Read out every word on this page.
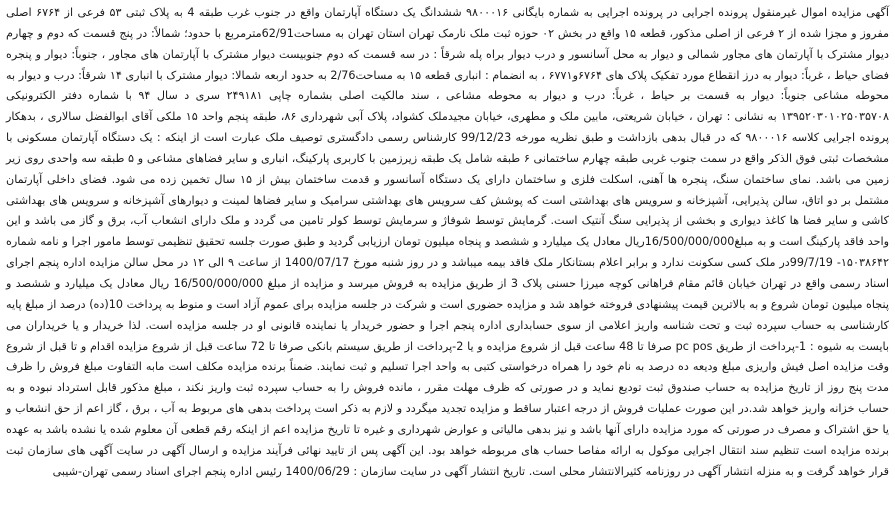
آگهی مزایده اموال غیرمنقول پرونده اجرایی در پرونده اجرایی به شماره بایگانی ۹۸۰۰۰۱۶ ششدانگ یک دستگاه آپارتمان واقع در جنوب غرب طبقه 4 به پلاک ثبتی ۵۳ فرعی از ۶۷۶۴ اصلی مفروز و مجزا شده از ۲ فرعی از اصلی مذکور، قطعه ۱۵ واقع در بخش ۰۲ حوزه ثبت ملک نارمک تهران استان تهران به مساحت62/91مترمربع با حدود؛ شمالاً: در پنج قسمت که دوم و چهارم دیوار مشترک با آپارتمان های مجاور شمالی و دیوار به محل آسانسور و درب دیوار براه پله شرقاً : در سه قسمت که دوم جنوبیست دیوار مشترک با آپارتمان های مجاور ، جنوباً: دیوار و پنجره فضای حیاط ، غرباً: دیوار به درز انقطاع مورد تفکیک پلاک های ۶۷۶۴و۶۷۷۱ ، به انضمام : انباری قطعه ۱۵ به مساحت2/76 به حدود اربعه شمالا: دیوار مشترک با انباری ۱۴ شرقاً: درب و دیوار به محوطه مشاعی جنوباً: دیوار به قسمت بر حیاط ، غرباً: درب و دیوار به محوطه مشاعی ، سند مالکیت اصلی بشماره چاپی ۲۴۹۱۸۱ سری د سال ۹۴ با شماره دفتر الکترونیکی ۱۳۹۵۲۰۳۰۱۰۲۵۰۳۵۷۰۸ به نشانی : تهران ، خیابان شریعتی، مابین ملک و مطهری، خیابان مجیدملک کشواد، پلاک آبی شهرداری ۸۶، طبقه پنجم واحد ۱۵ ملکی آقای ابوالفضل سالاری ، بدهکار پرونده اجرایی کلاسه ۹۸۰۰۰۱۶ که در قبال بدهی بازداشت و طبق نظریه مورخه 99/12/23 کارشناس رسمی دادگستری توصیف ملک عبارت است از اینکه : یک دستگاه آپارتمان مسکونی با مشخصات ثبتی فوق الذکر واقع در سمت جنوب غربی طبقه چهارم ساختمانی ۶ طبقه شامل یک طبقه زیرزمین با کاربری پارکینگ، انباری و سایر فضاهای مشاعی و ۵ طبقه سه واحدی روی زیر زمین می باشد. نمای ساختمان سنگ، پنجره ها آهنی، اسکلت فلزی و ساختمان دارای یک دستگاه آسانسور و قدمت ساختمان بیش از ۱۵ سال تخمین زده می شود. فضای داخلی آپارتمان مشتمل بر دو اتاق، سالن پذیرایی، آشپزخانه و سرویس های بهداشتی است که پوشش کف سرویس های بهداشتی سرامیک و سایر فضاها لمینت و دیوارهای آشپزخانه و سرویس های بهداشتی کاشی و سایر فضا ها کاغذ دیواری و بخشی از پذیرایی سنگ آنتیک است. گرمایش توسط شوفاژ و سرمایش توسط کولر تامین می گردد و ملک دارای انشعاب آب، برق و گاز می باشد و این واحد فاقد پارکینگ است و به مبلغ16/500/000/000ریال معادل یک میلیارد و ششصد و پنجاه میلیون تومان ارزیابی گردید و طبق صورت جلسه تحقیق تنظیمی توسط مامور اجرا و نامه شماره ۱۵۰۳۸۶۴۲- 99/7/19در ملک کسی سکونت ندارد و برابر اعلام بستانکار ملک فاقد بیمه میباشد و در روز شنبه مورخ 1400/07/17 از ساعت ۹ الی ۱۲ در محل سالن مزایده اداره پنجم اجرای اسناد رسمی واقع در تهران خیابان قائم مقام فراهانی کوچه میرزا حسنی پلاک 3 از طریق مزایده به فروش میرسد و مزایده از مبلغ 16/500/000/000 ریال معادل یک میلیارد و ششصد و پنجاه میلیون تومان شروع و به بالاترین قیمت پیشنهادی فروخته خواهد شد و مزایده حضوری است و شرکت در جلسه مزایده برای عموم آزاد است و منوط به پرداخت 10(ده) درصد از مبلغ پایه کارشناسی به حساب سپرده ثبت و تحت شناسه واریز اعلامی از سوی حسابداری اداره پنجم اجرا و حضور خریدار یا نماینده قانونی او در جلسه مزایده است. لذا خریدار و یا خریداران می بایست به شیوه : 1-پرداخت از طریق pc pos صرفا تا 48 ساعت قبل از شروع مزایده و یا 2-پرداخت از طریق سیستم بانکی صرفا تا 72 ساعت قبل از شروع مزایده اقدام و تا قبل از شروع وقت مزایده اصل فیش واریزی مبلغ ودیعه ده درصد به نام خود را همراه درخواستی کتبی به واحد اجرا تسلیم و ثبت نمایند. ضمناً برنده مزایده مکلف است مابه التفاوت مبلغ فروش را ظرف مدت پنج روز از تاریخ مزایده به حساب صندوق ثبت تودیع نماید و در صورتی که ظرف مهلت مقرر ، مانده فروش را به حساب سپرده ثبت واریز نکند ، مبلغ مذکور قابل استرداد نبوده و به حساب خزانه واریز خواهد شد.در این صورت عملیات فروش از درجه اعتبار ساقط و مزایده تجدید میگردد و لازم به ذکر است پرداخت بدهی های مربوط به آب ، برق ، گاز اعم از حق انشعاب و یا حق اشتراک و مصرف در صورتی که مورد مزایده دارای آنها باشد و نیز بدهی مالیاتی و عوارض شهرداری و غیره تا تاریخ مزایده اعم از اینکه رقم قطعی آن معلوم شده یا نشده باشد به عهده برنده مزایده است تنظیم سند انتقال اجرایی موکول به ارائه مفاصا حساب های مربوطه خواهد بود. این آگهی پس از تایید نهائی فرآیند مزایده و ارسال آگهی در سایت آگهی های سازمان ثبت قرار خواهد گرفت و به منزله انتشار آگهی در روزنامه کثیرالانتشار محلی است. تاریخ انتشار آگهی در سایت سازمان : 1400/06/29 رئیس اداره پنجم اجرای اسناد رسمی تهران-شیبی
